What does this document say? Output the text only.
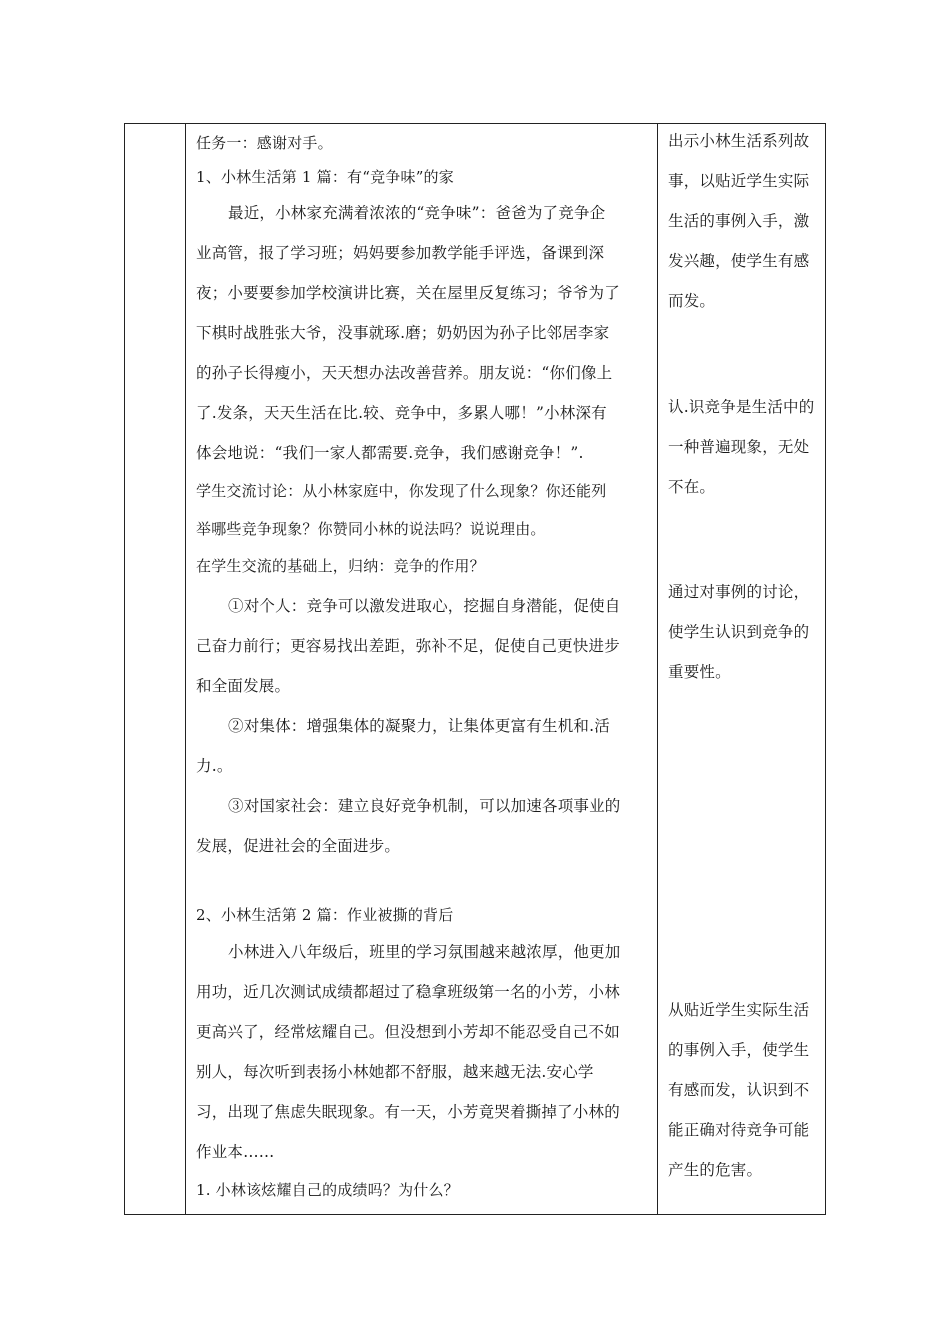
任务一：感谢对手。
1、小林生活第 1 篇：有“竞争味”的家
最近，小林家充满着浓浓的“竞争味”：爸爸为了竞争企
业高管，报了学习班；妈妈要参加教学能手评选，备课到深
夜；小要要参加学校演讲比赛，关在屋里反复练习；爷爷为了
下棋时战胜张大爷，没事就琢.磨；奶奶因为孙子比邻居李家
的孙子长得瘦小，天天想办法改善营养。朋友说：“你们像上
了.发条，天天生活在比.较、竞争中，多累人哪！”小林深有
体会地说：“我们一家人都需要.竞争，我们感谢竞争！”.
学生交流讨论：从小林家庭中，你发现了什么现象？你还能列
举哪些竞争现象？你赞同小林的说法吗？说说理由。
在学生交流的基础上，归纳：竞争的作用？
①对个人：竞争可以激发进取心，挖掘自身潜能，促使自
己奋力前行；更容易找出差距，弥补不足，促使自己更快进步
和全面发展。
②对集体：增强集体的凝聚力，让集体更富有生机和.活
力.。
③对国家社会：建立良好竞争机制，可以加速各项事业的
发展，促进社会的全面进步。
2、小林生活第 2 篇：作业被撕的背后
小林进入八年级后，班里的学习氛围越来越浓厚，他更加
用功，近几次测试成绩都超过了稳拿班级第一名的小芳，小林
更高兴了，经常炫耀自己。但没想到小芳却不能忍受自己不如
别人，每次听到表扬小林她都不舒服，越来越无法.安心学
习，出现了焦虑失眠现象。有一天，小芳竟哭着撕掉了小林的
作业本……
1. 小林该炫耀自己的成绩吗？为什么？
出示小林生活系列故
事，以贴近学生实际
生活的事例入手，激
发兴趣，使学生有感
而发。
认.识竞争是生活中的
一种普遍现象，无处
不在。
通过对事例的讨论，
使学生认识到竞争的
重要性。
从贴近学生实际生活
的事例入手，使学生
有感而发，认识到不
能正确对待竞争可能
产生的危害。
